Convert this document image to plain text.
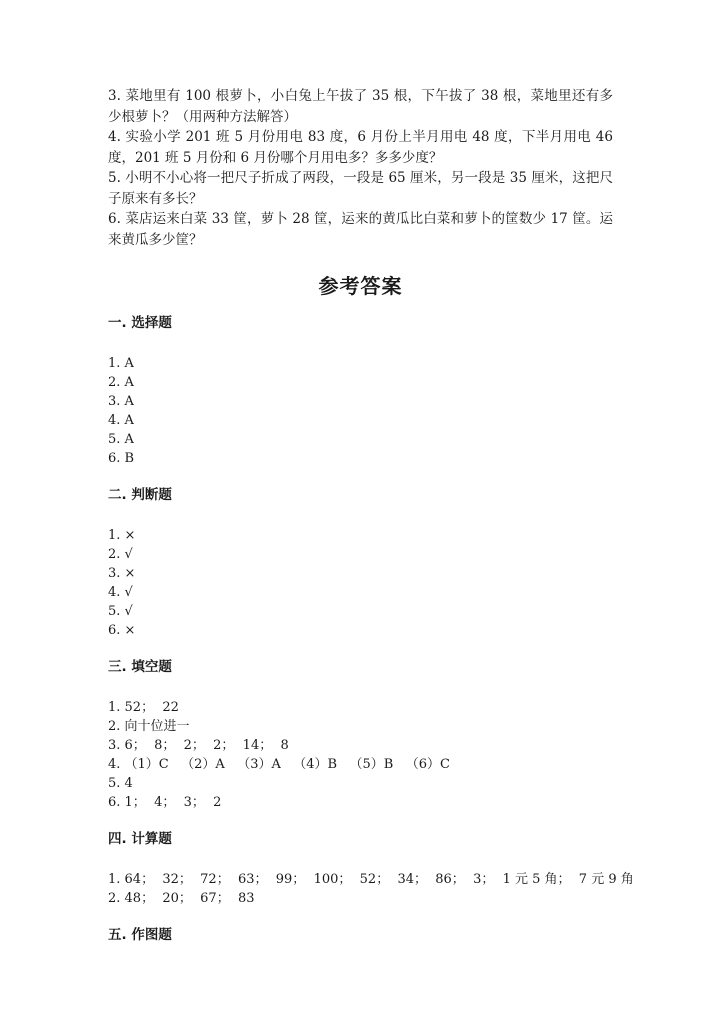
3. 菜地里有 100 根萝卜，小白兔上午拔了 35 根，下午拔了 38 根，菜地里还有多少根萝卜？（用两种方法解答）

4. 实验小学 201 班 5 月份用电 83 度，6 月份上半月用电 48 度，下半月用电 46 度，201 班 5 月份和 6 月份哪个月用电多？多多少度？

5. 小明不小心将一把尺子折成了两段，一段是 65 厘米，另一段是 35 厘米，这把尺子原来有多长？

6. 菜店运来白菜 33 筐，萝卜 28 筐，运来的黄瓜比白菜和萝卜的筐数少 17 筐。运来黄瓜多少筐？

参考答案
一. 选择题
1. A
2. A
3. A
4. A
5. A
6. B
二. 判断题
1. ×
2. √
3. ×
4. √
5. √
6. ×
三. 填空题
1. 52；  22
2. 向十位进一
3. 6；  8；  2；  2；  14；  8
4. （1）C   （2）A   （3）A   （4）B   （5）B   （6）C
5. 4
6. 1；  4；  3；  2
四. 计算题
1. 64；  32；  72；  63；  99；  100；  52；  34；  86；  3；  1 元 5 角；  7 元 9 角
2. 48；  20；  67；  83
五. 作图题
